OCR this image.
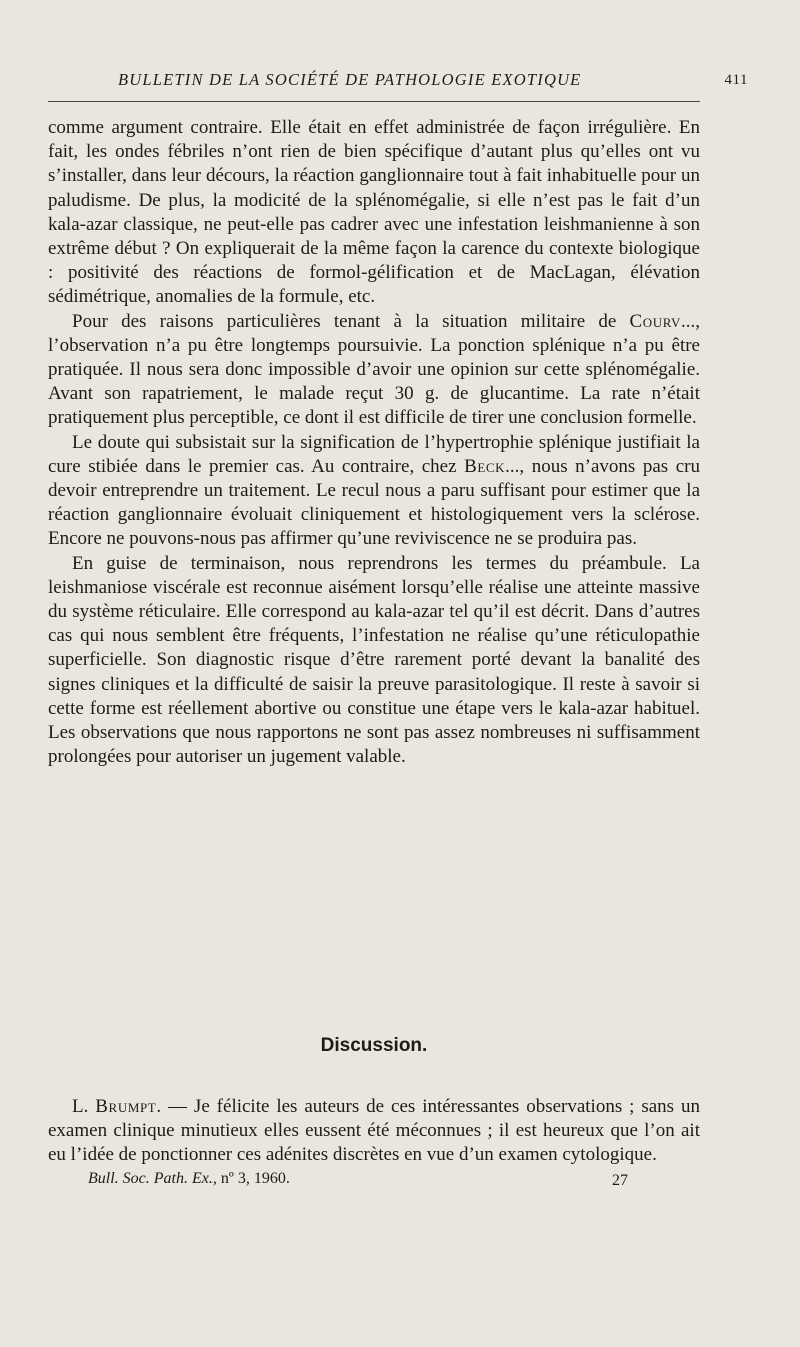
BULLETIN DE LA SOCIÉTÉ DE PATHOLOGIE EXOTIQUE	411

comme argument contraire. Elle était en effet administrée de façon irrégulière. En fait, les ondes fébriles n’ont rien de bien spécifique d’autant plus qu’elles ont vu s’installer, dans leur décours, la réaction ganglionnaire tout à fait inhabituelle pour un paludisme. De plus, la modicité de la splénomégalie, si elle n’est pas le fait d’un kala-azar classique, ne peut-elle pas cadrer avec une infestation leishmanienne à son extrême début ? On expliquerait de la même façon la carence du contexte biologique : positivité des réactions de formol-gélification et de MacLagan, élévation sédimétrique, anomalies de la formule, etc.

Pour des raisons particulières tenant à la situation militaire de Courv..., l’observation n’a pu être longtemps poursuivie. La ponction splénique n’a pu être pratiquée. Il nous sera donc impossible d’avoir une opinion sur cette splénomégalie. Avant son rapatriement, le malade reçut 30 g. de glucantime. La rate n’était pratiquement plus perceptible, ce dont il est difficile de tirer une conclusion formelle.

Le doute qui subsistait sur la signification de l’hypertrophie splénique justifiait la cure stibiée dans le premier cas. Au contraire, chez Beck..., nous n’avons pas cru devoir entreprendre un traitement. Le recul nous a paru suffisant pour estimer que la réaction ganglionnaire évoluait cliniquement et histologiquement vers la sclérose. Encore ne pouvons-nous pas affirmer qu’une reviviscence ne se produira pas.

En guise de terminaison, nous reprendrons les termes du préambule. La leishmaniose viscérale est reconnue aisément lorsqu’elle réalise une atteinte massive du système réticulaire. Elle correspond au kala-azar tel qu’il est décrit. Dans d’autres cas qui nous semblent être fréquents, l’infestation ne réalise qu’une réticulopathie superficielle. Son diagnostic risque d’être rarement porté devant la banalité des signes cliniques et la difficulté de saisir la preuve parasitologique. Il reste à savoir si cette forme est réellement abortive ou constitue une étape vers le kala-azar habituel. Les observations que nous rapportons ne sont pas assez nombreuses ni suffisamment prolongées pour autoriser un jugement valable.

Discussion.

L. Brumpt. — Je félicite les auteurs de ces intéressantes observations ; sans un examen clinique minutieux elles eussent été méconnues ; il est heureux que l’on ait eu l’idée de ponctionner ces adénites discrètes en vue d’un examen cytologique.

Bull. Soc. Path. Ex., nº 3, 1960.	27
